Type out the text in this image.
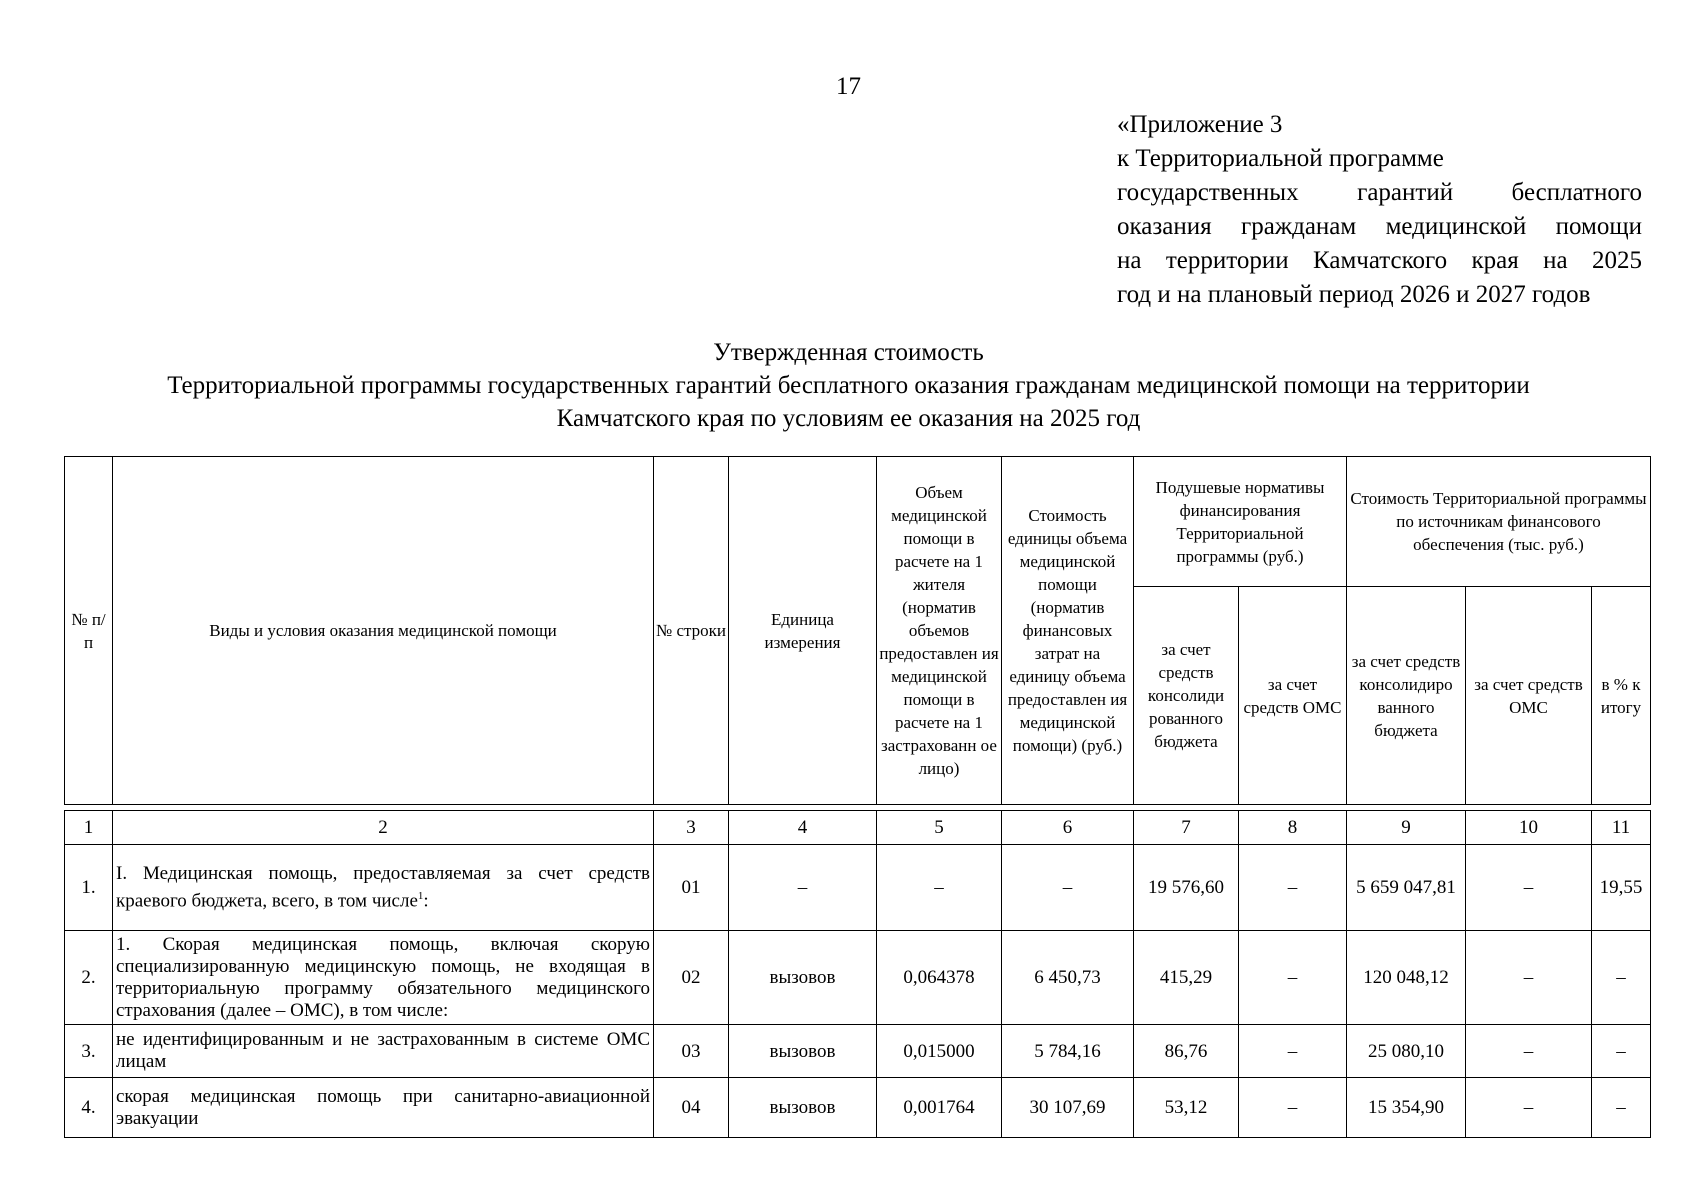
17
«Приложение 3
к Территориальной программе
государственных гарантий бесплатного
оказания гражданам медицинской помощи
на территории Камчатского края на 2025
год и на плановый период 2026 и 2027 годов
Утвержденная стоимость
Территориальной программы государственных гарантий бесплатного оказания гражданам медицинской помощи на территории
Камчатского края по условиям ее оказания на 2025 год
№ п/п	Виды и условия оказания медицинской помощи	№ строки	Единица измерения	Объем медицинской помощи в расчете на 1 жителя (норматив объемов предоставлен ия медицинской помощи в расчете на 1 застрахованн ое лицо)	Стоимость единицы объема медицинской помощи (норматив финансовых затрат на единицу объема предоставлен ия медицинской помощи) (руб.)	Подушевые нормативы финансирования Территориальной программы (руб.)		Стоимость Территориальной программы по источникам финансового обеспечения (тыс. руб.)		
						за счет средств консолиди рованного бюджета	за счет средств ОМС	за счет средств консолидиро ванного бюджета	за счет средств ОМС	в % к итогу
1	2	3	4	5	6	7	8	9	10	11
1.	I. Медицинская помощь, предоставляемая за счет средств краевого бюджета, всего, в том числе$^1$:	01	–	–	–	19 576,60	–	5 659 047,81	–	19,55
2.	1. Скорая медицинская помощь, включая скорую специализированную медицинскую помощь, не входящая в территориальную программу обязательного медицинского страхования (далее – ОМС), в том числе:	02	вызовов	0,064378	6 450,73	415,29	–	120 048,12	–	–
3.	не идентифицированным и не застрахованным в системе ОМС лицам	03	вызовов	0,015000	5 784,16	86,76	–	25 080,10	–	–
4.	скорая медицинская помощь при санитарно-авиационной эвакуации	04	вызовов	0,001764	30 107,69	53,12	–	15 354,90	–	–
